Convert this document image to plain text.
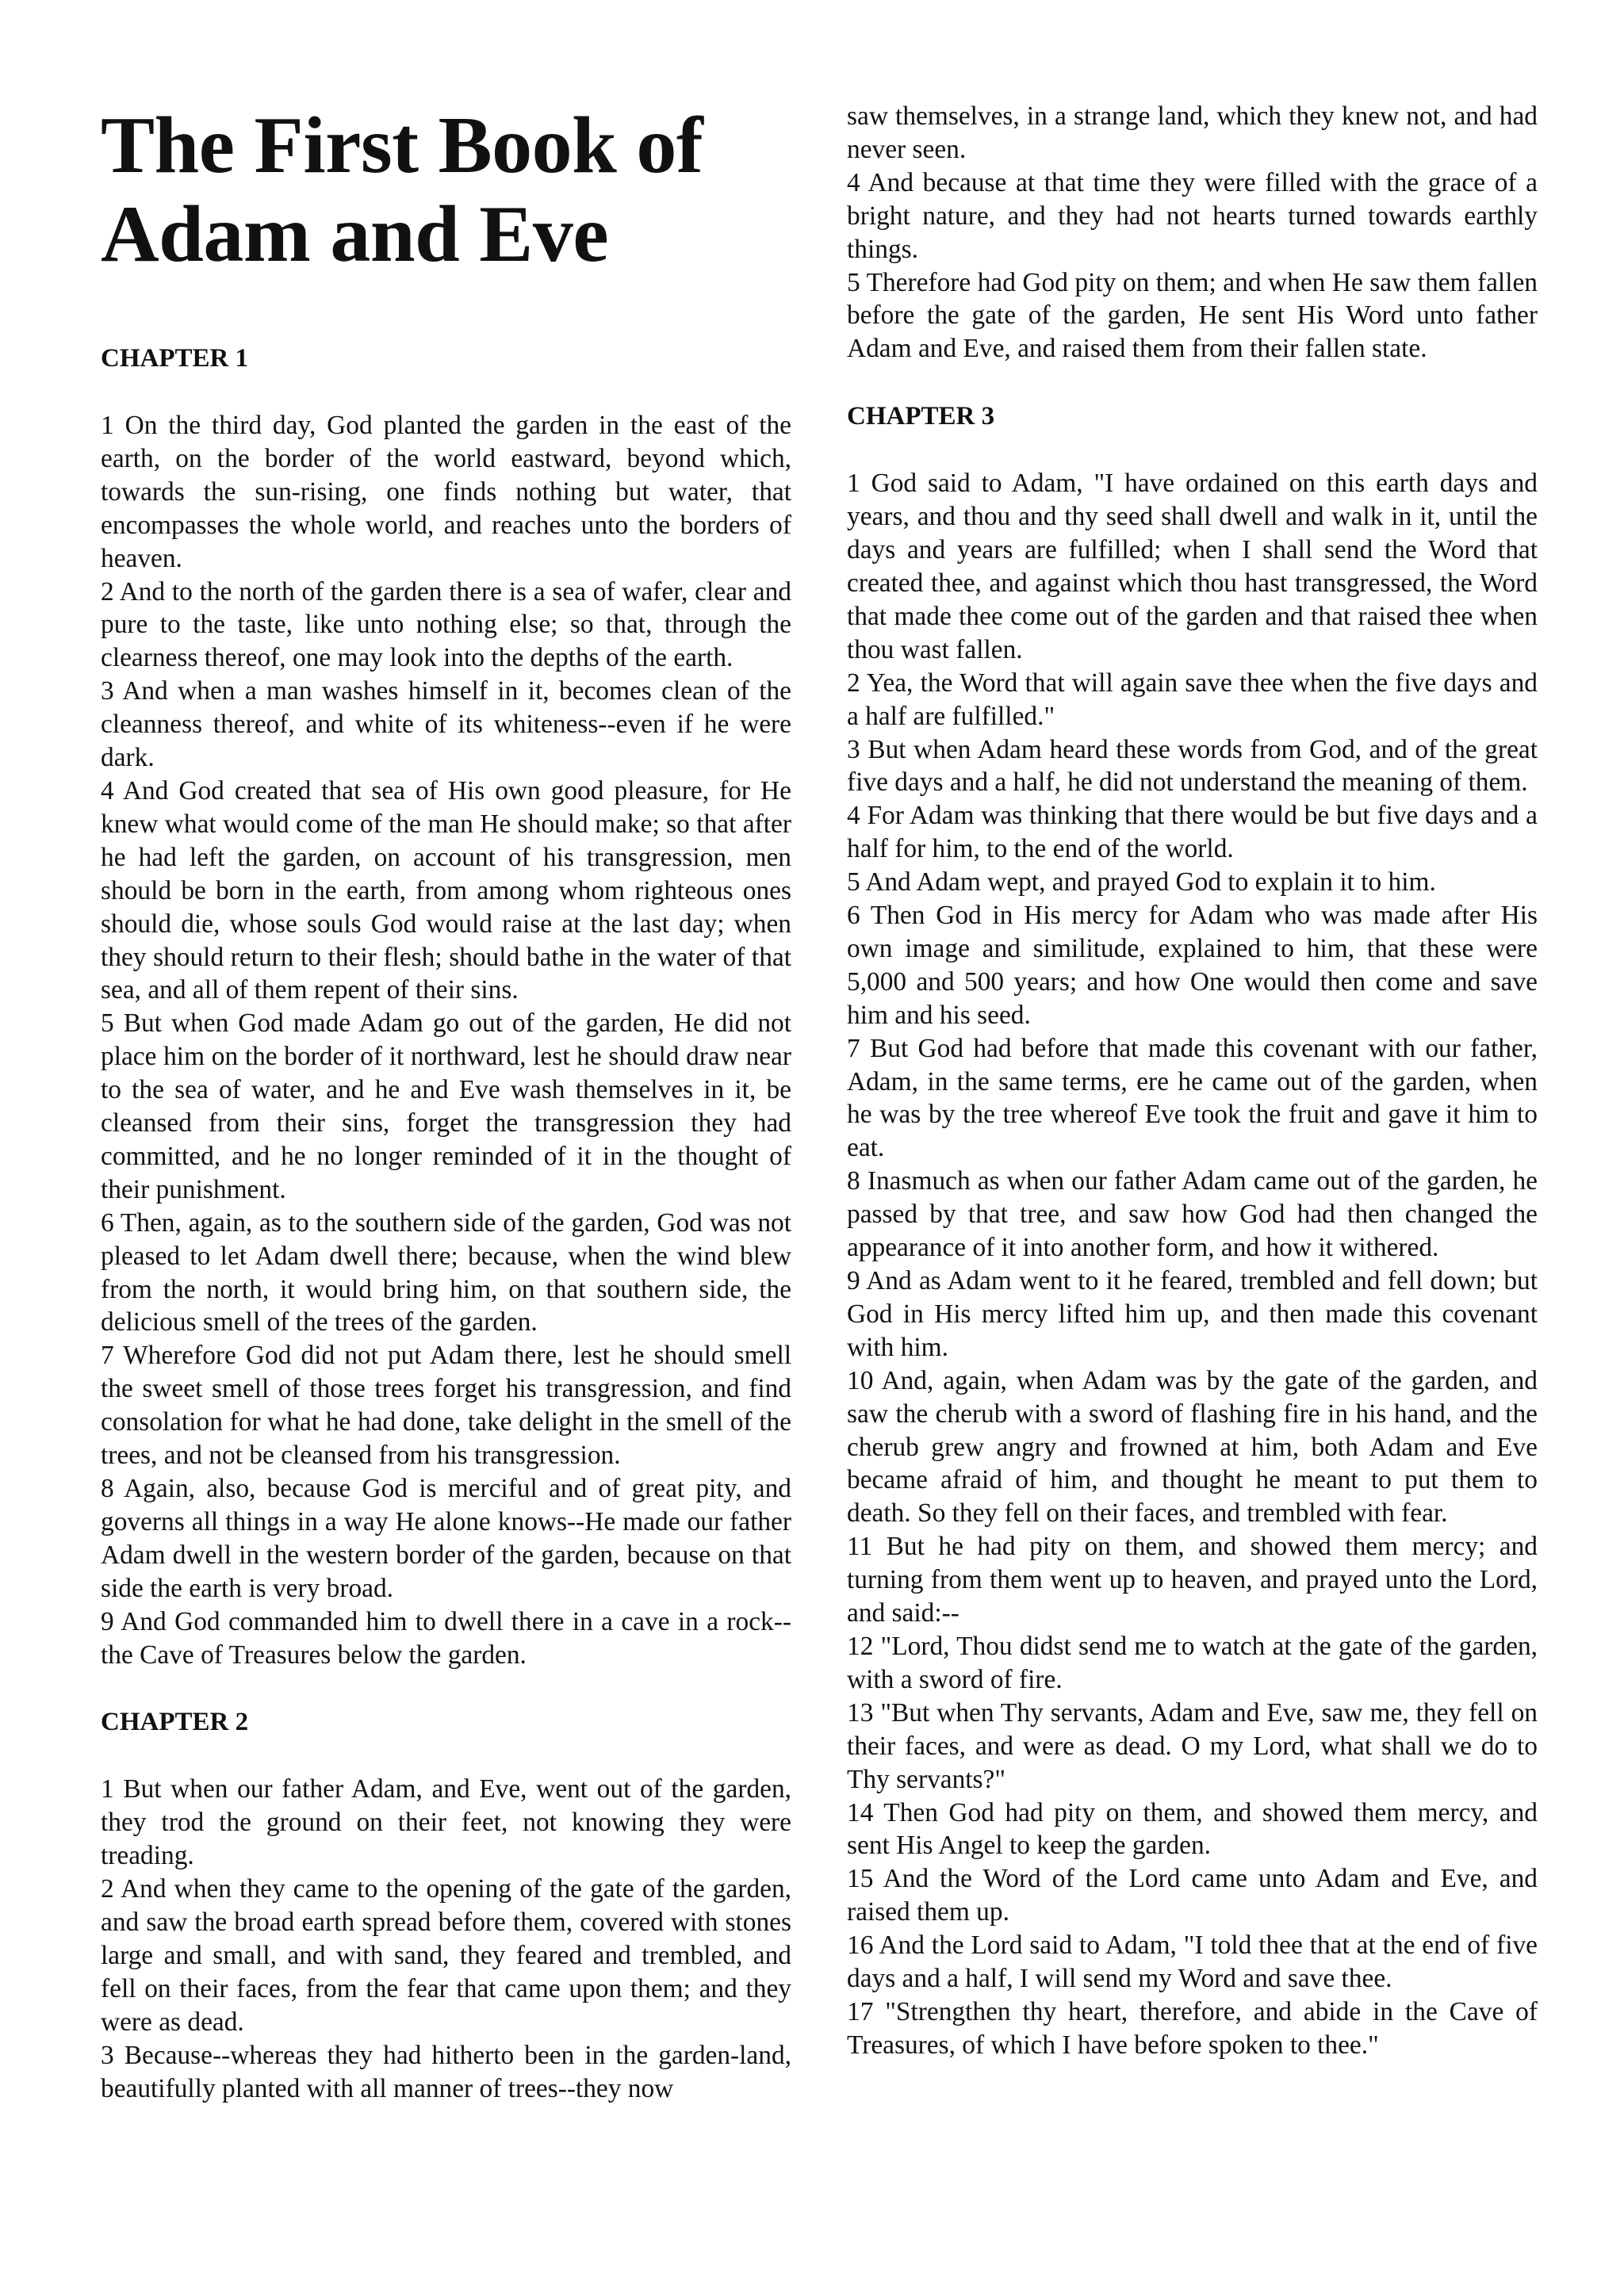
The First Book of Adam and Eve
CHAPTER 1

1 On the third day, God planted the garden in the east of the earth, on the border of the world eastward, beyond which, towards the sun-rising, one finds nothing but water, that encompasses the whole world, and reaches unto the borders of heaven.

2 And to the north of the garden there is a sea of wafer, clear and pure to the taste, like unto nothing else; so that, through the clearness thereof, one may look into the depths of the earth.

3 And when a man washes himself in it, becomes clean of the cleanness thereof, and white of its whiteness--even if he were dark.

4 And God created that sea of His own good pleasure, for He knew what would come of the man He should make; so that after he had left the garden, on account of his transgression, men should be born in the earth, from among whom righteous ones should die, whose souls God would raise at the last day; when they should return to their flesh; should bathe in the water of that sea, and all of them repent of their sins.

5 But when God made Adam go out of the garden, He did not place him on the border of it northward, lest he should draw near to the sea of water, and he and Eve wash themselves in it, be cleansed from their sins, forget the transgression they had committed, and he no longer reminded of it in the thought of their punishment.

6 Then, again, as to the southern side of the garden, God was not pleased to let Adam dwell there; because, when the wind blew from the north, it would bring him, on that southern side, the delicious smell of the trees of the garden.

7 Wherefore God did not put Adam there, lest he should smell the sweet smell of those trees forget his transgression, and find consolation for what he had done, take delight in the smell of the trees, and not be cleansed from his transgression.

8 Again, also, because God is merciful and of great pity, and governs all things in a way He alone knows--He made our father Adam dwell in the western border of the garden, because on that side the earth is very broad.

9 And God commanded him to dwell there in a cave in a rock--the Cave of Treasures below the garden.

CHAPTER 2

1 But when our father Adam, and Eve, went out of the garden, they trod the ground on their feet, not knowing they were treading.

2 And when they came to the opening of the gate of the garden, and saw the broad earth spread before them, covered with stones large and small, and with sand, they feared and trembled, and fell on their faces, from the fear that came upon them; and they were as dead.

3 Because--whereas they had hitherto been in the garden-land, beautifully planted with all manner of trees--they now

saw themselves, in a strange land, which they knew not, and had never seen.

4 And because at that time they were filled with the grace of a bright nature, and they had not hearts turned towards earthly things.

5 Therefore had God pity on them; and when He saw them fallen before the gate of the garden, He sent His Word unto father Adam and Eve, and raised them from their fallen state.

CHAPTER 3

1 God said to Adam, "I have ordained on this earth days and years, and thou and thy seed shall dwell and walk in it, until the days and years are fulfilled; when I shall send the Word that created thee, and against which thou hast transgressed, the Word that made thee come out of the garden and that raised thee when thou wast fallen.

2 Yea, the Word that will again save thee when the five days and a half are fulfilled."

3 But when Adam heard these words from God, and of the great five days and a half, he did not understand the meaning of them.

4 For Adam was thinking that there would be but five days and a half for him, to the end of the world.

5 And Adam wept, and prayed God to explain it to him.

6 Then God in His mercy for Adam who was made after His own image and similitude, explained to him, that these were 5,000 and 500 years; and how One would then come and save him and his seed.

7 But God had before that made this covenant with our father, Adam, in the same terms, ere he came out of the garden, when he was by the tree whereof Eve took the fruit and gave it him to eat.

8 Inasmuch as when our father Adam came out of the garden, he passed by that tree, and saw how God had then changed the appearance of it into another form, and how it withered.

9 And as Adam went to it he feared, trembled and fell down; but God in His mercy lifted him up, and then made this covenant with him.

10 And, again, when Adam was by the gate of the garden, and saw the cherub with a sword of flashing fire in his hand, and the cherub grew angry and frowned at him, both Adam and Eve became afraid of him, and thought he meant to put them to death. So they fell on their faces, and trembled with fear.

11 But he had pity on them, and showed them mercy; and turning from them went up to heaven, and prayed unto the Lord, and said:--

12 "Lord, Thou didst send me to watch at the gate of the garden, with a sword of fire.

13 "But when Thy servants, Adam and Eve, saw me, they fell on their faces, and were as dead. O my Lord, what shall we do to Thy servants?"

14 Then God had pity on them, and showed them mercy, and sent His Angel to keep the garden.

15 And the Word of the Lord came unto Adam and Eve, and raised them up.

16 And the Lord said to Adam, "I told thee that at the end of five days and a half, I will send my Word and save thee.

17 "Strengthen thy heart, therefore, and abide in the Cave of Treasures, of which I have before spoken to thee."
